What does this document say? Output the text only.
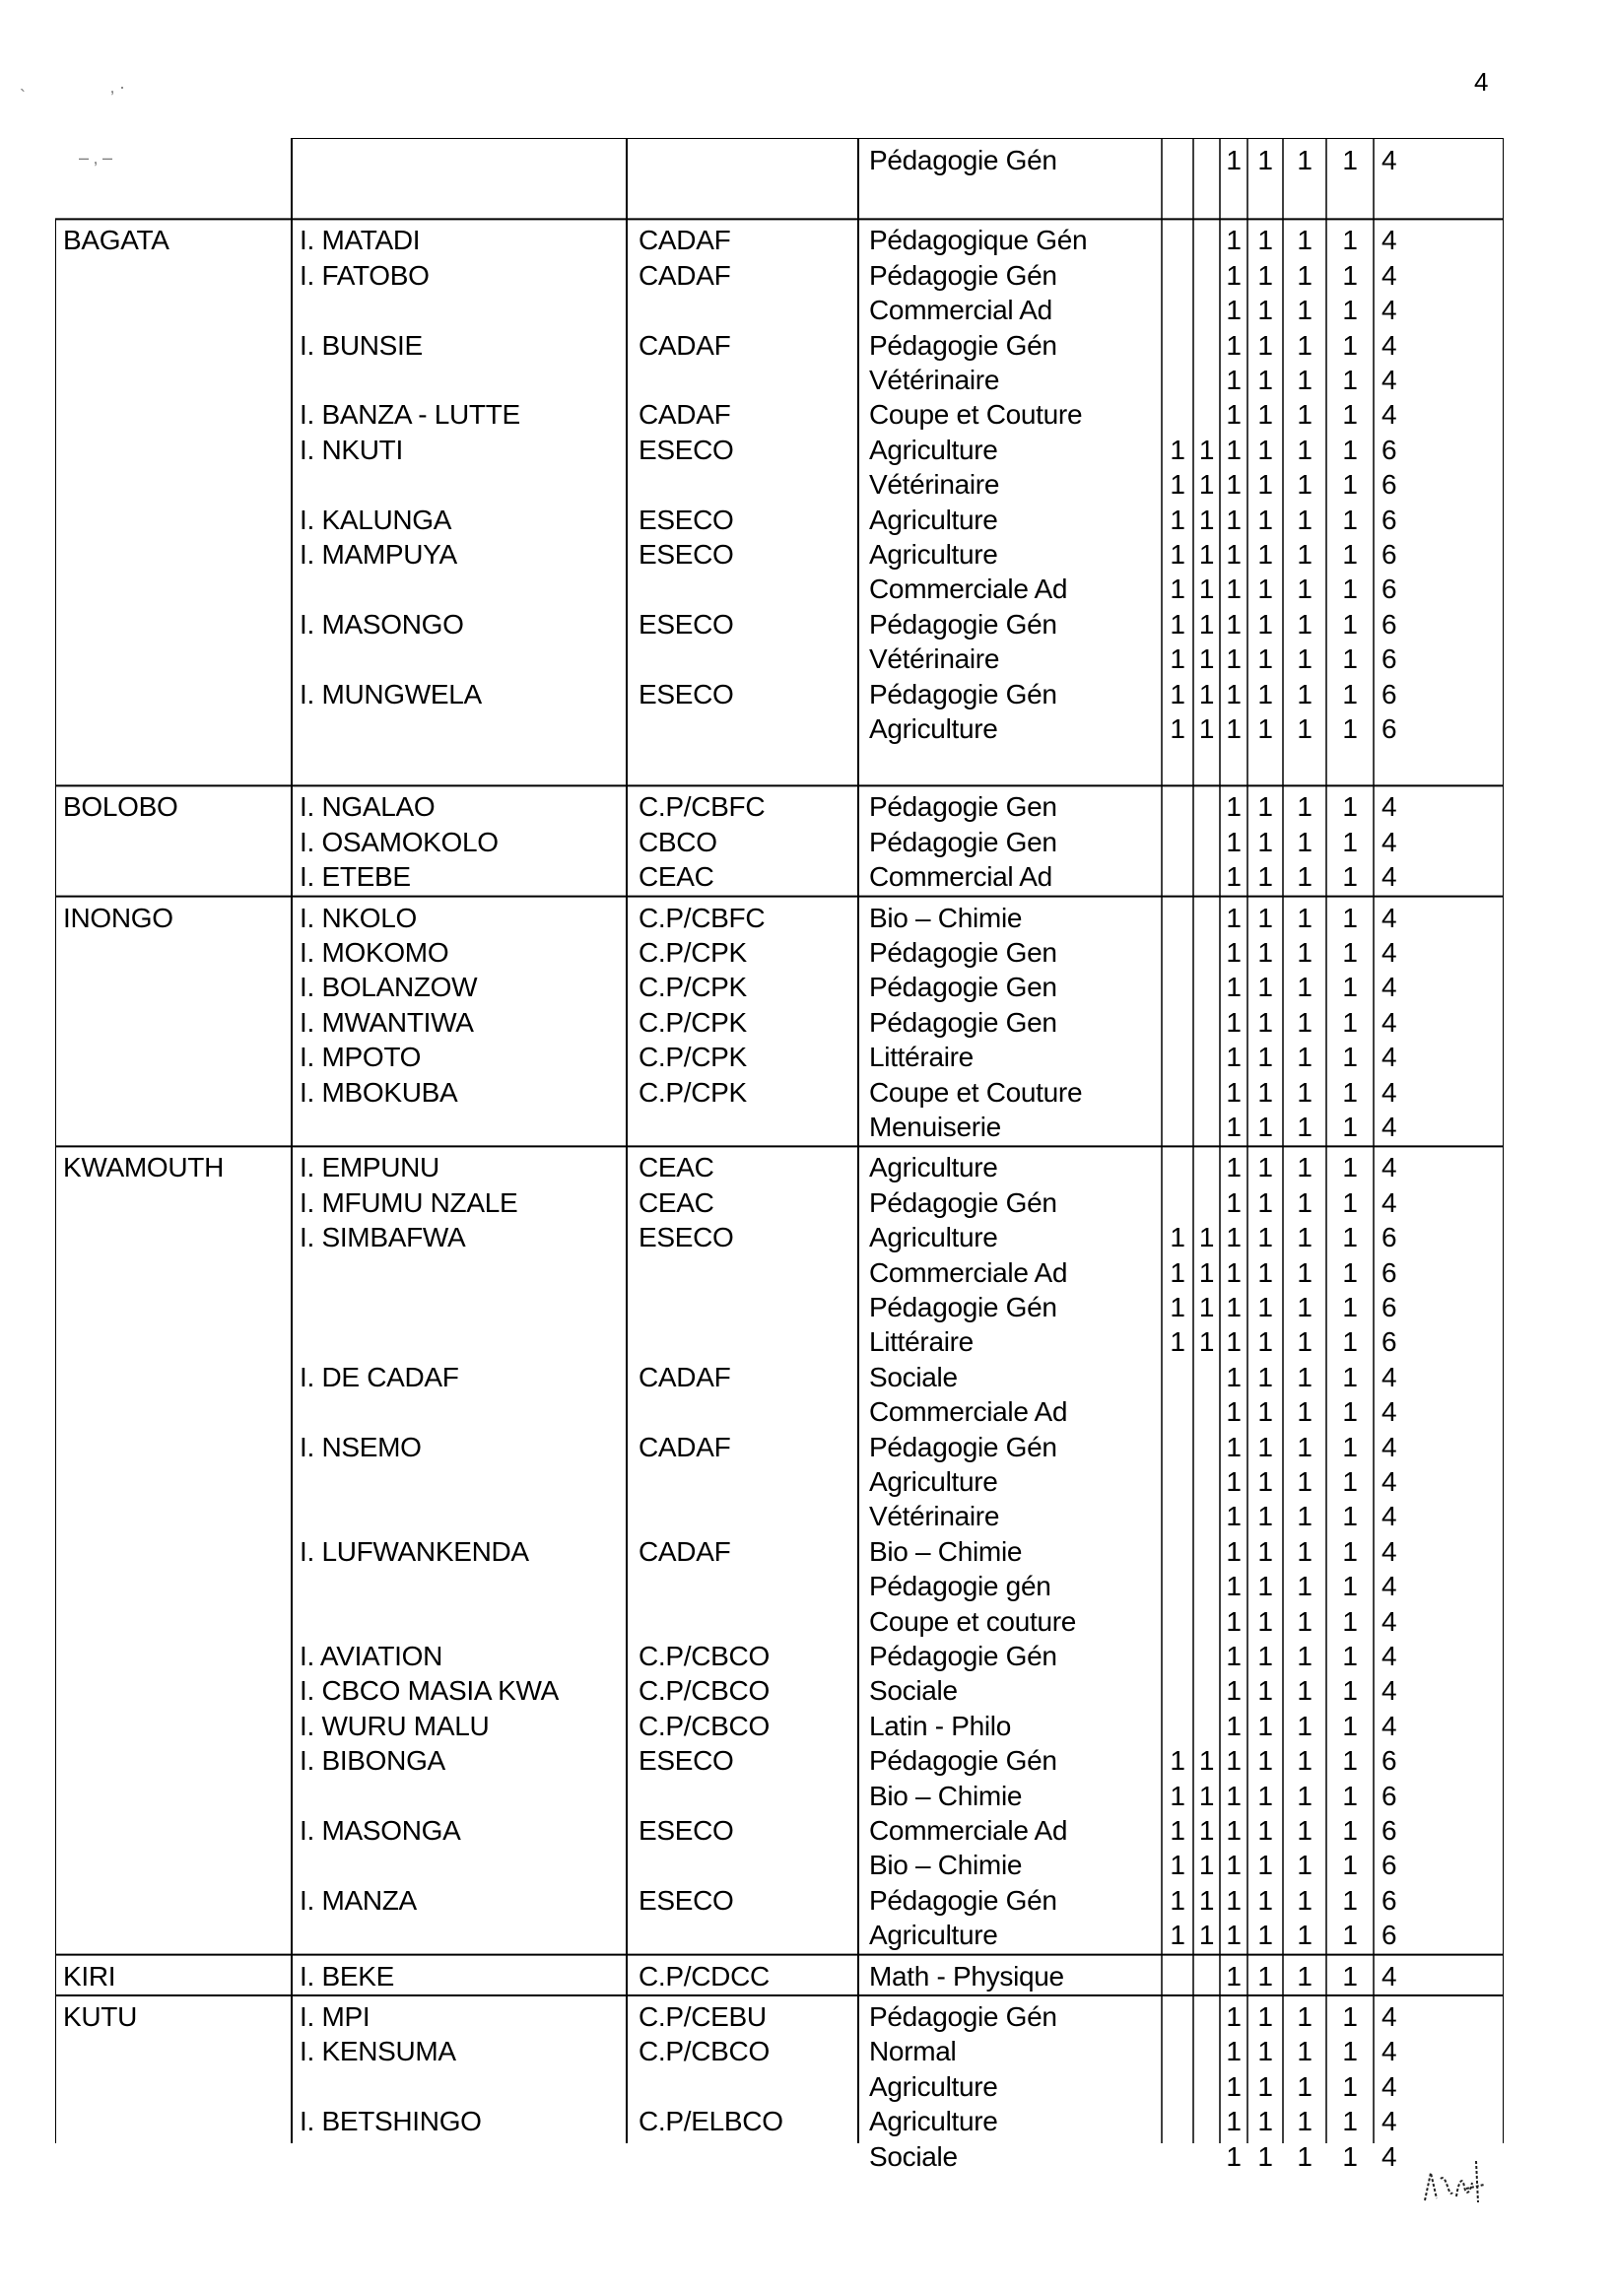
4
`	‚ ·
‒ ‚ ‒	Pédagogie Gén	1 1 1	1 4
BAGATA	I. MATADI	CADAF	Pédagogique Gén	1 1 1	1 4
I. FATOBO	CADAF	Pédagogie Gén	1 1 1	1 4
Commercial Ad	1 1 1	1 4
I. BUNSIE	CADAF	Pédagogie Gén	1 1 1	1 4
Vétérinaire	1 1 1	1 4
I. BANZA - LUTTE	CADAF	Coupe et Couture	1 1 1	1 4
I. NKUTI	ESECO	Agriculture	1 1 1 1 1	1 6
Vétérinaire	1 1 1 1 1	1 6
I. KALUNGA	ESECO	Agriculture	1 1 1 1 1	1 6
I. MAMPUYA	ESECO	Agriculture	1 1 1 1 1	1 6
Commerciale Ad	1 1 1 1 1	1 6
I. MASONGO	ESECO	Pédagogie Gén	1 1 1 1 1	1 6
Vétérinaire	1 1 1 1 1	1 6
I. MUNGWELA	ESECO	Pédagogie Gén	1 1 1 1 1	1 6
Agriculture	1 1 1 1 1	1 6
BOLOBO	I. NGALAO	C.P/CBFC	Pédagogie Gen	1 1 1	1 4
I. OSAMOKOLO	CBCO	Pédagogie Gen	1 1 1	1 4
I. ETEBE	CEAC	Commercial Ad	1 1 1	1 4
INONGO	I. NKOLO	C.P/CBFC	Bio – Chimie	1 1 1	1 4
I. MOKOMO	C.P/CPK	Pédagogie Gen	1 1 1	1 4
I. BOLANZOW	C.P/CPK	Pédagogie Gen	1 1 1	1 4
I. MWANTIWA	C.P/CPK	Pédagogie Gen	1 1 1	1 4
I. MPOTO	C.P/CPK	Littéraire	1 1 1	1 4
I. MBOKUBA	C.P/CPK	Coupe et Couture	1 1 1	1 4
Menuiserie	1 1 1	1 4
KWAMOUTH	I. EMPUNU	CEAC	Agriculture	1 1 1	1 4
I. MFUMU NZALE	CEAC	Pédagogie Gén	1 1 1	1 4
I. SIMBAFWA	ESECO	Agriculture	1 1 1 1 1	1 6
Commerciale Ad	1 1 1 1 1	1 6
Pédagogie Gén	1 1 1 1 1	1 6
Littéraire	1 1 1 1 1	1 6
I. DE CADAF	CADAF	Sociale	1 1 1	1 4
Commerciale Ad	1 1 1	1 4
I. NSEMO	CADAF	Pédagogie Gén	1 1 1	1 4
Agriculture	1 1 1	1 4
Vétérinaire	1 1 1	1 4
I. LUFWANKENDA	CADAF	Bio – Chimie	1 1 1	1 4
Pédagogie gén	1 1 1	1 4
Coupe et couture	1 1 1	1 4
I. AVIATION	C.P/CBCO	Pédagogie Gén	1 1 1	1 4
I. CBCO MASIA KWA	C.P/CBCO	Sociale	1 1 1	1 4
I. WURU MALU	C.P/CBCO	Latin - Philo	1 1 1	1 4
I. BIBONGA	ESECO	Pédagogie Gén	1 1 1 1 1	1 6
Bio – Chimie	1 1 1 1 1	1 6
I. MASONGA	ESECO	Commerciale Ad	1 1 1 1 1	1 6
Bio – Chimie	1 1 1 1 1	1 6
I. MANZA	ESECO	Pédagogie Gén	1 1 1 1 1	1 6
Agriculture	1 1 1 1 1	1 6
KIRI	I. BEKE	C.P/CDCC	Math - Physique	1 1 1	1 4
KUTU	I. MPI	C.P/CEBU	Pédagogie Gén	1 1 1	1 4
I. KENSUMA	C.P/CBCO	Normal	1 1 1	1 4
Agriculture	1 1 1	1 4
I. BETSHINGO	C.P/ELBCO	Agriculture	1 1 1	1 4
Sociale	1 1 1	1 4
